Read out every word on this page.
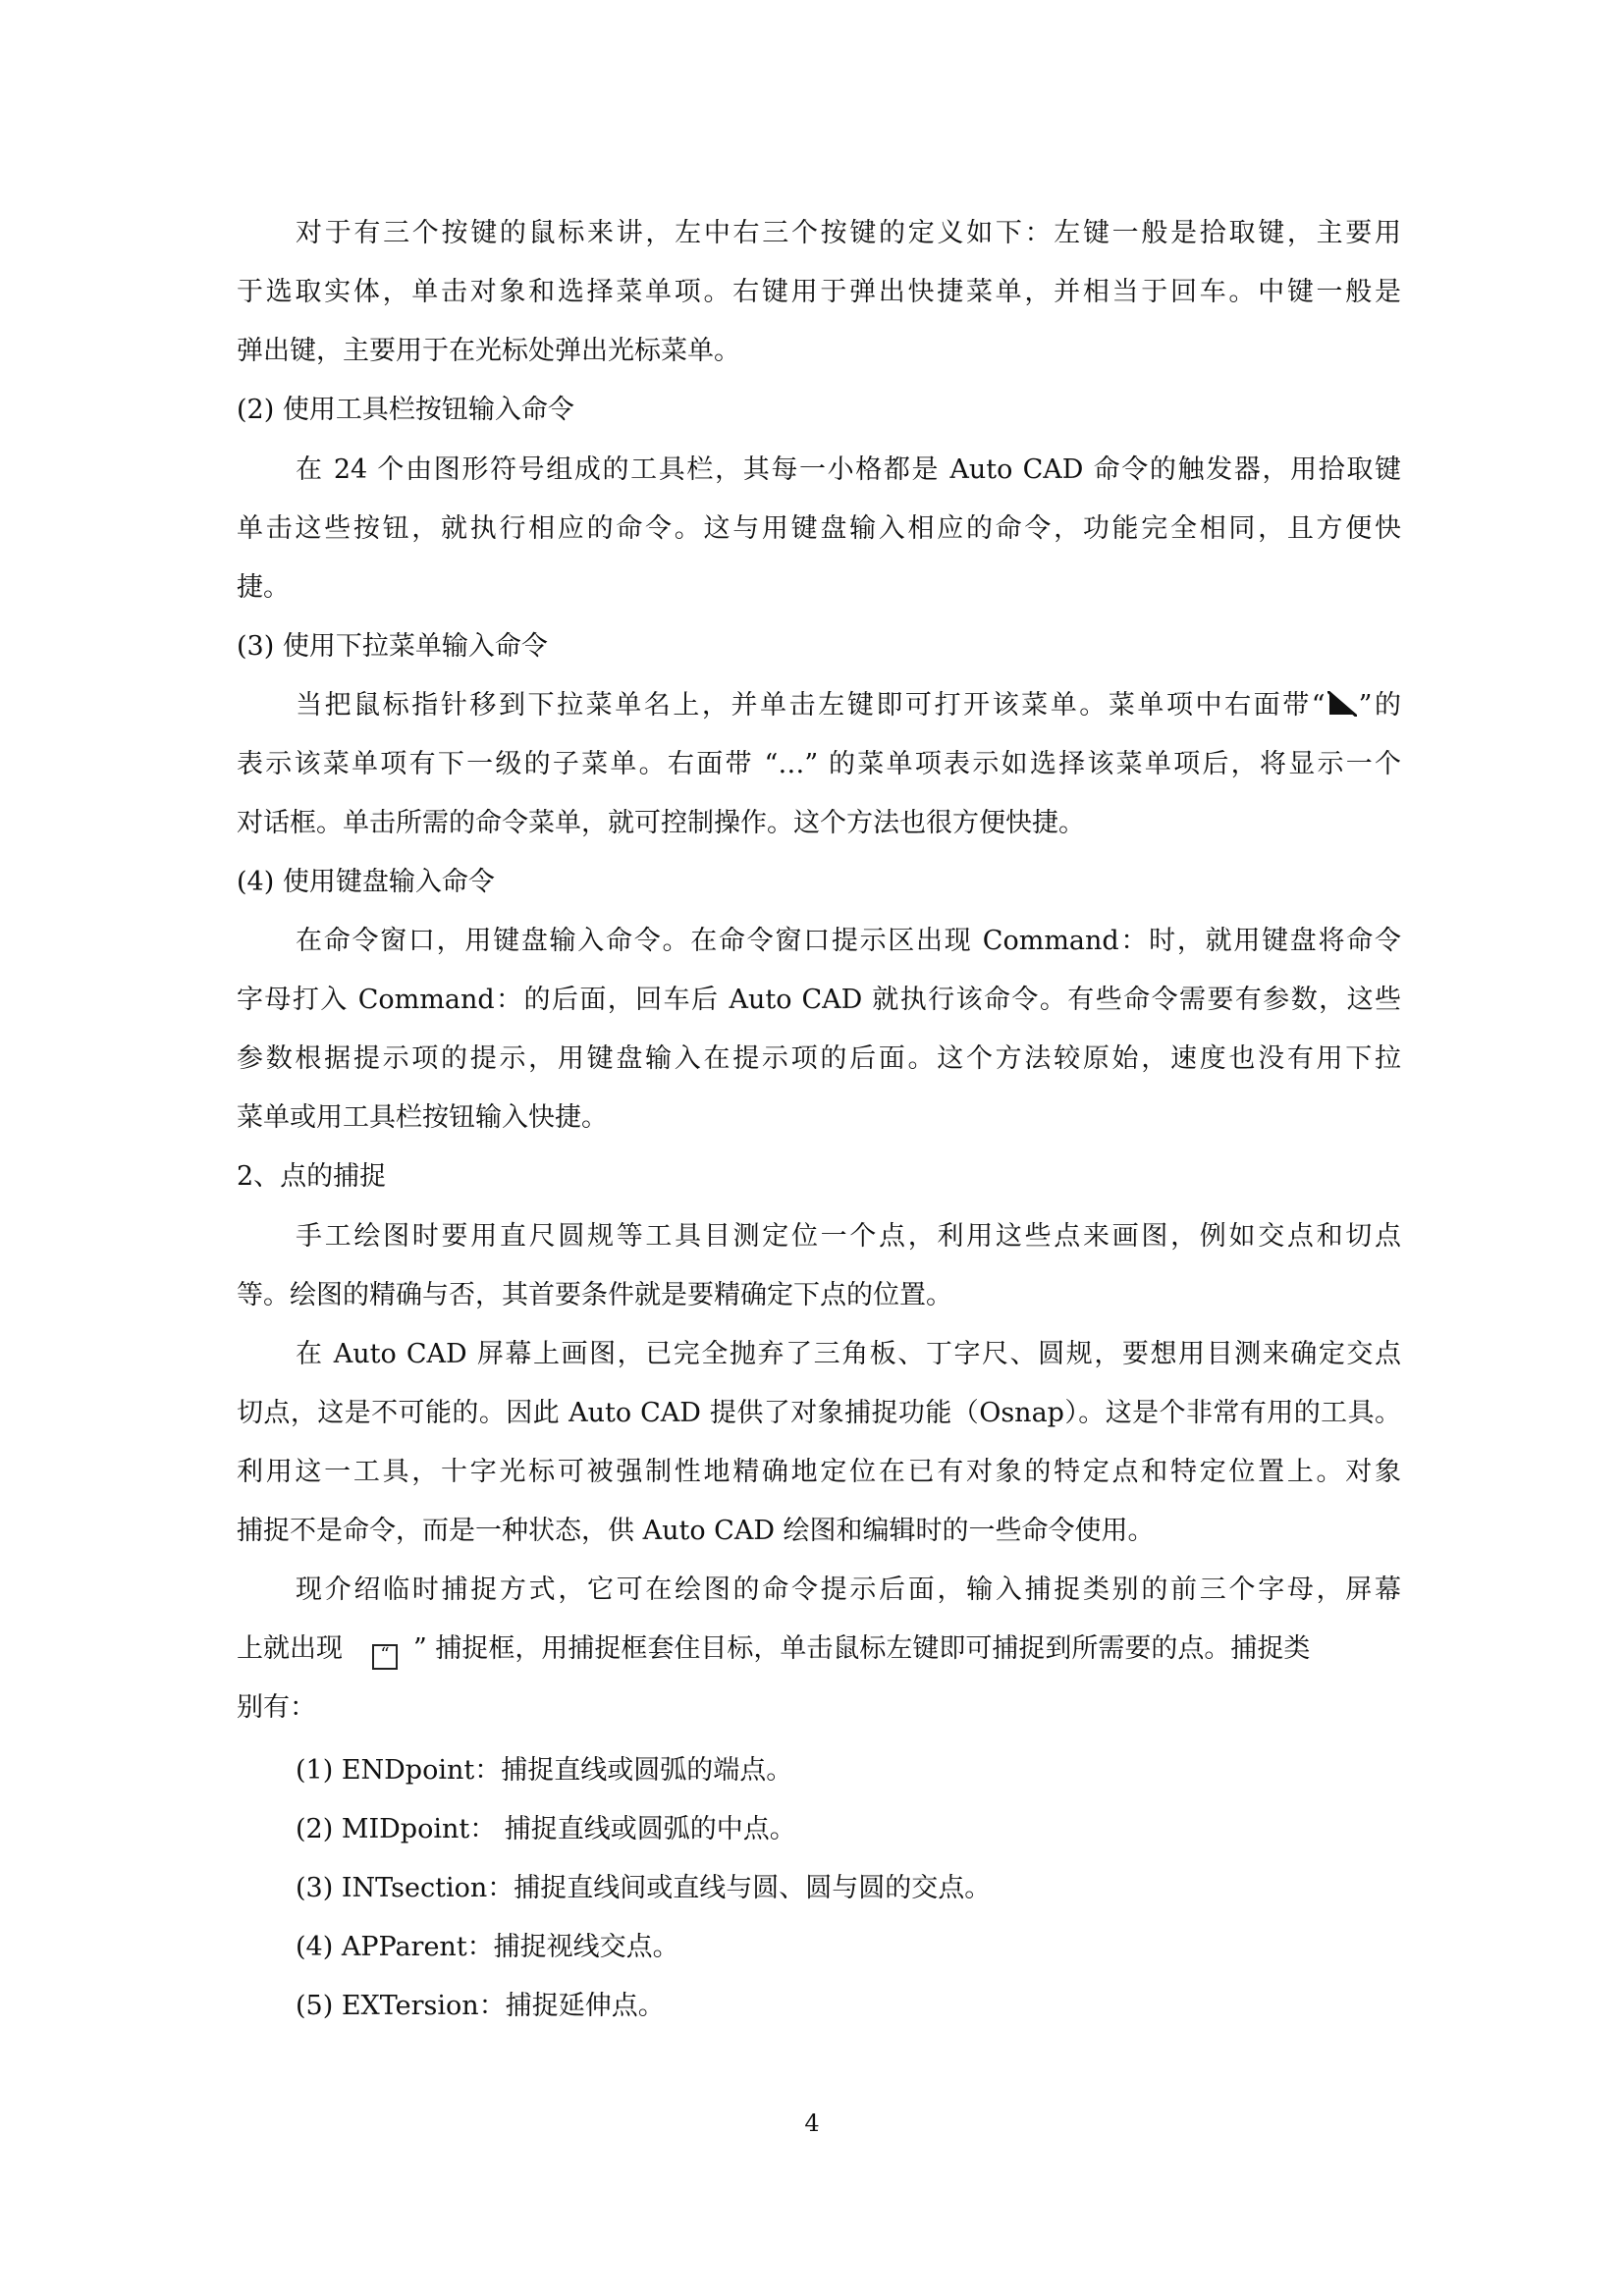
对于有三个按键的鼠标来讲，左中右三个按键的定义如下：左键一般是拾取键，主要用
于选取实体，单击对象和选择菜单项。右键用于弹出快捷菜单，并相当于回车。中键一般是
弹出键，主要用于在光标处弹出光标菜单。
(2) 使用工具栏按钮输入命令
在 24 个由图形符号组成的工具栏，其每一小格都是 Auto CAD 命令的触发器，用拾取键
单击这些按钮，就执行相应的命令。这与用键盘输入相应的命令，功能完全相同，且方便快
捷。
(3) 使用下拉菜单输入命令
当把鼠标指针移到下拉菜单名上，并单击左键即可打开该菜单。菜单项中右面带“ ”的
表示该菜单项有下一级的子菜单。右面带 “…” 的菜单项表示如选择该菜单项后，将显示一个
对话框。单击所需的命令菜单，就可控制操作。这个方法也很方便快捷。
(4) 使用键盘输入命令
在命令窗口，用键盘输入命令。在命令窗口提示区出现 Command：时，就用键盘将命令
字母打入 Command：的后面，回车后 Auto CAD 就执行该命令。有些命令需要有参数，这些
参数根据提示项的提示，用键盘输入在提示项的后面。这个方法较原始，速度也没有用下拉
菜单或用工具栏按钮输入快捷。
2、点的捕捉
手工绘图时要用直尺圆规等工具目测定位一个点，利用这些点来画图，例如交点和切点
等。绘图的精确与否，其首要条件就是要精确定下点的位置。
在 Auto CAD 屏幕上画图，已完全抛弃了三角板、丁字尺、圆规，要想用目测来确定交点
切点，这是不可能的。因此 Auto CAD 提供了对象捕捉功能（Osnap）。这是个非常有用的工具。
利用这一工具，十字光标可被强制性地精确地定位在已有对象的特定点和特定位置上。对象
捕捉不是命令，而是一种状态，供 Auto CAD 绘图和编辑时的一些命令使用。
现介绍临时捕捉方式，它可在绘图的命令提示后面，输入捕捉类别的前三个字母，屏幕
上就出现 “ ” 捕捉框，用捕捉框套住目标，单击鼠标左键即可捕捉到所需要的点。捕捉类
别有：
(1) ENDpoint：捕捉直线或圆弧的端点。
(2) MIDpoint： 捕捉直线或圆弧的中点。
(3) INTsection：捕捉直线间或直线与圆、圆与圆的交点。
(4) APParent：捕捉视线交点。
(5) EXTersion：捕捉延伸点。
4
